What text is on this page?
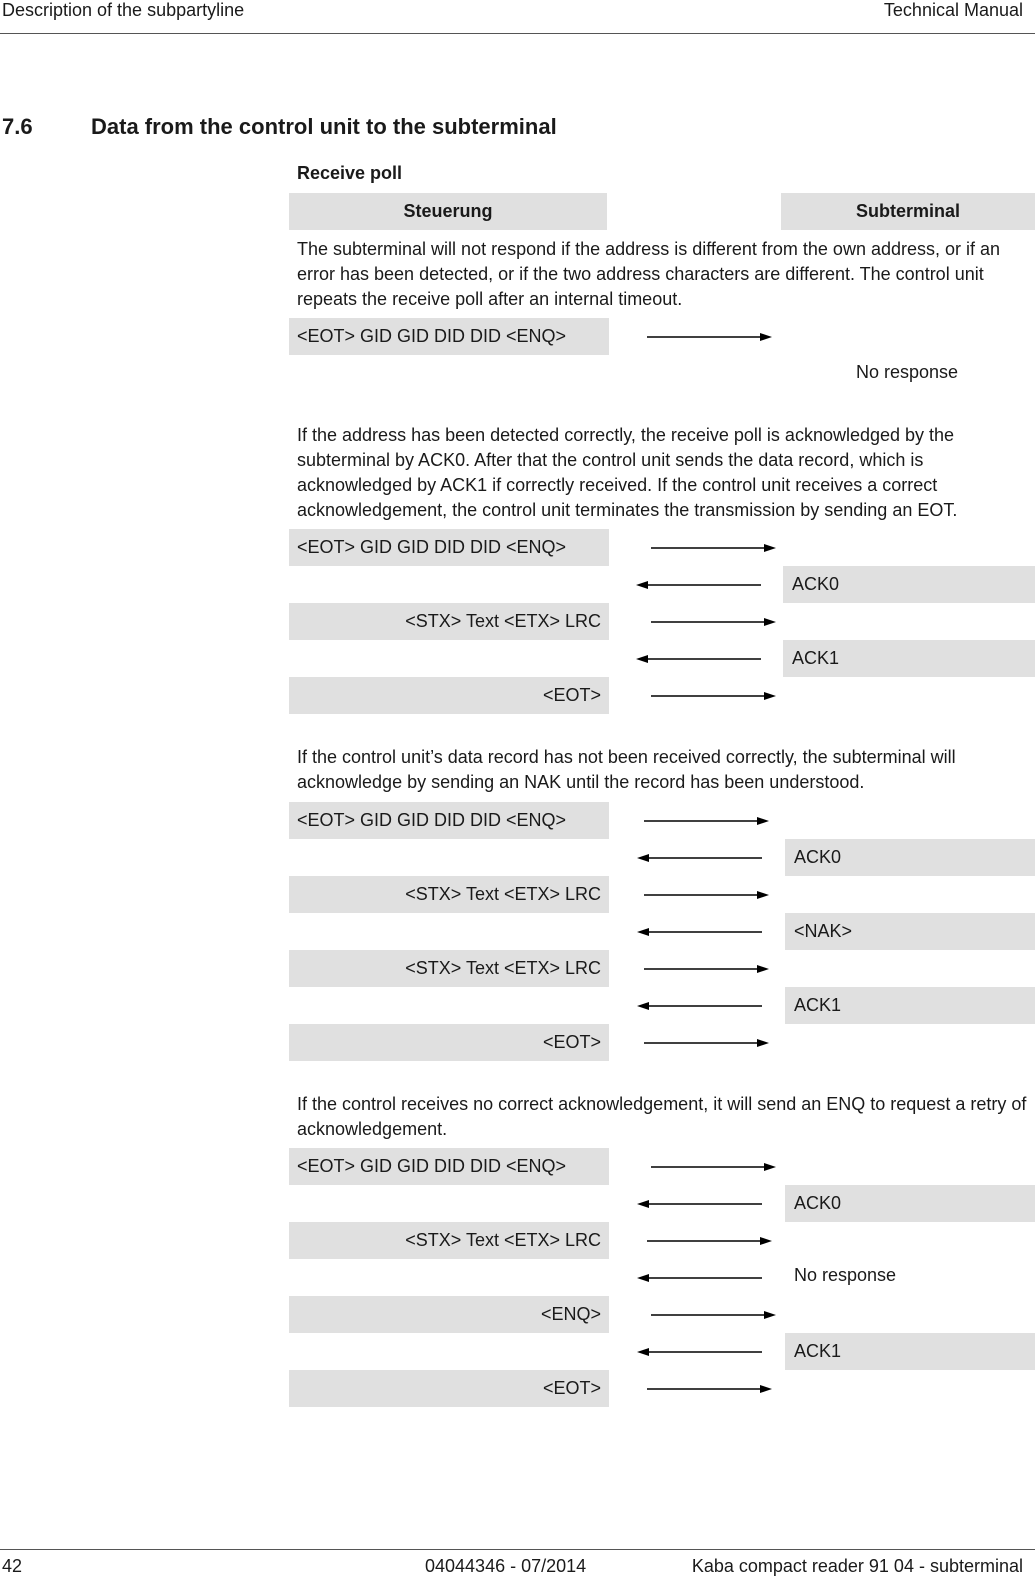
Description of the subpartyline	Technical Manual
7.6	Data from the control unit to the subterminal
Receive poll
Steuerung	Subterminal
The subterminal will not respond if the address is different from the own address, or if an error has been detected, or if the two address characters are different. The control unit repeats the receive poll after an internal timeout.
<EOT> GID GID DID DID <ENQ>
No response
If the address has been detected correctly, the receive poll is acknowledged by the subterminal by ACK0. After that the control unit sends the data record, which is acknowledged by ACK1 if correctly received. If the control unit receives a correct acknowledgement, the control unit terminates the transmission by sending an EOT.
<EOT> GID GID DID DID <ENQ>
ACK0
<STX> Text <ETX> LRC
ACK1
<EOT>
If the control unit’s data record has not been received correctly, the subterminal will acknowledge by sending an NAK until the record has been understood.
<EOT> GID GID DID DID <ENQ>
ACK0
<STX> Text <ETX> LRC
<NAK>
<STX> Text <ETX> LRC
ACK1
<EOT>
If the control receives no correct acknowledgement, it will send an ENQ to request a retry of acknowledgement.
<EOT> GID GID DID DID <ENQ>
ACK0
<STX> Text <ETX> LRC
No response
<ENQ>
ACK1
<EOT>
42	04044346 - 07/2014	Kaba compact reader 91 04 - subterminal
